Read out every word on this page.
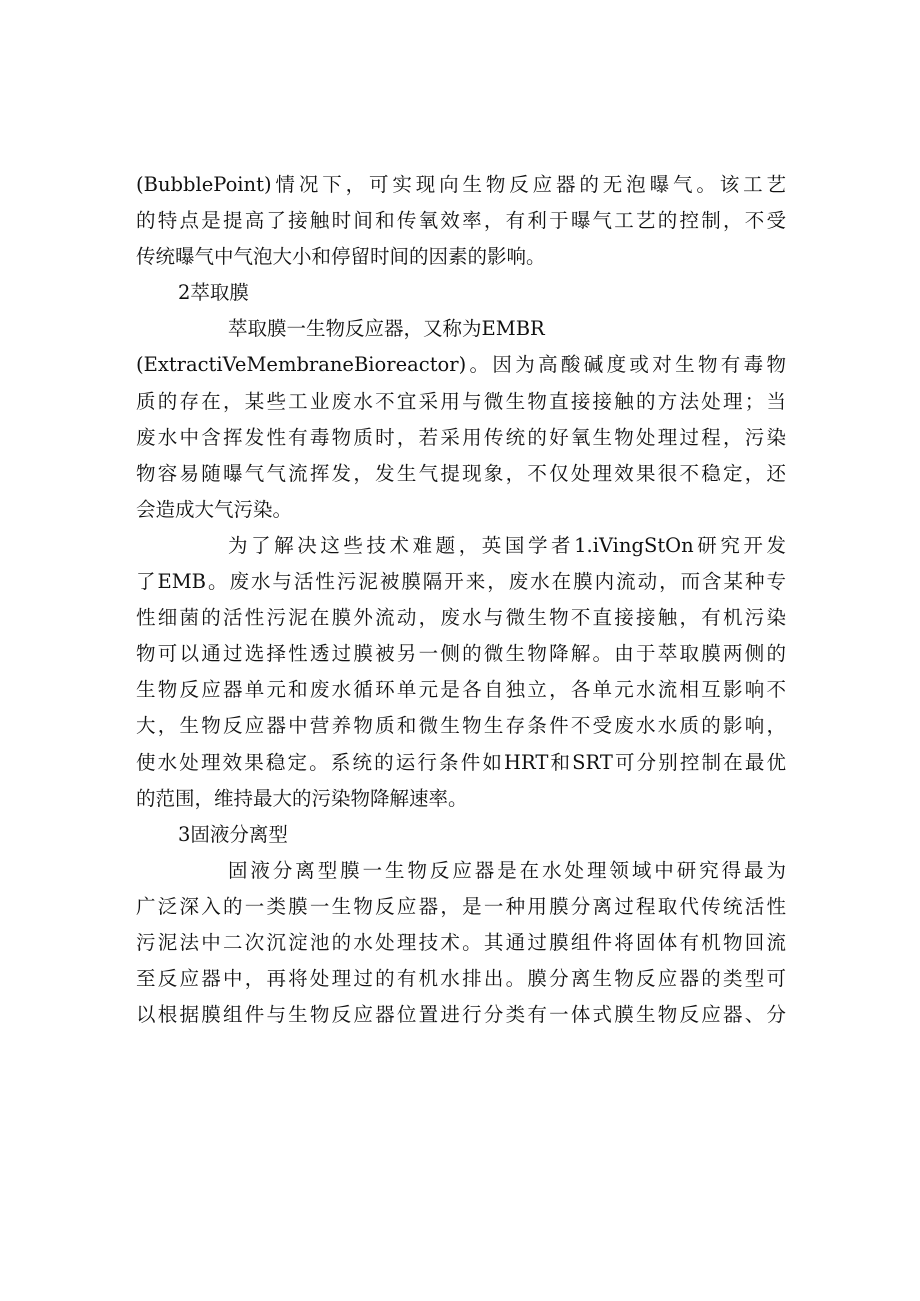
(BubblePoint)情况下，可实现向生物反应器的无泡曝气。该工艺
的特点是提高了接触时间和传氧效率，有利于曝气工艺的控制，不受
传统曝气中气泡大小和停留时间的因素的影响。
2萃取膜
萃取膜一生物反应器，又称为EMBR
(ExtractiVeMembraneBioreactor)。因为高酸碱度或对生物有毒物
质的存在，某些工业废水不宜采用与微生物直接接触的方法处理；当
废水中含挥发性有毒物质时，若采用传统的好氧生物处理过程，污染
物容易随曝气气流挥发，发生气提现象，不仅处理效果很不稳定，还
会造成大气污染。
为了解决这些技术难题，英国学者1.iVingStOn研究开发
了EMB。废水与活性污泥被膜隔开来，废水在膜内流动，而含某种专
性细菌的活性污泥在膜外流动，废水与微生物不直接接触，有机污染
物可以通过选择性透过膜被另一侧的微生物降解。由于萃取膜两侧的
生物反应器单元和废水循环单元是各自独立，各单元水流相互影响不
大，生物反应器中营养物质和微生物生存条件不受废水水质的影响，
使水处理效果稳定。系统的运行条件如HRT和SRT可分别控制在最优
的范围，维持最大的污染物降解速率。
3固液分离型
固液分离型膜一生物反应器是在水处理领域中研究得最为
广泛深入的一类膜一生物反应器，是一种用膜分离过程取代传统活性
污泥法中二次沉淀池的水处理技术。其通过膜组件将固体有机物回流
至反应器中，再将处理过的有机水排出。膜分离生物反应器的类型可
以根据膜组件与生物反应器位置进行分类有一体式膜生物反应器、分
